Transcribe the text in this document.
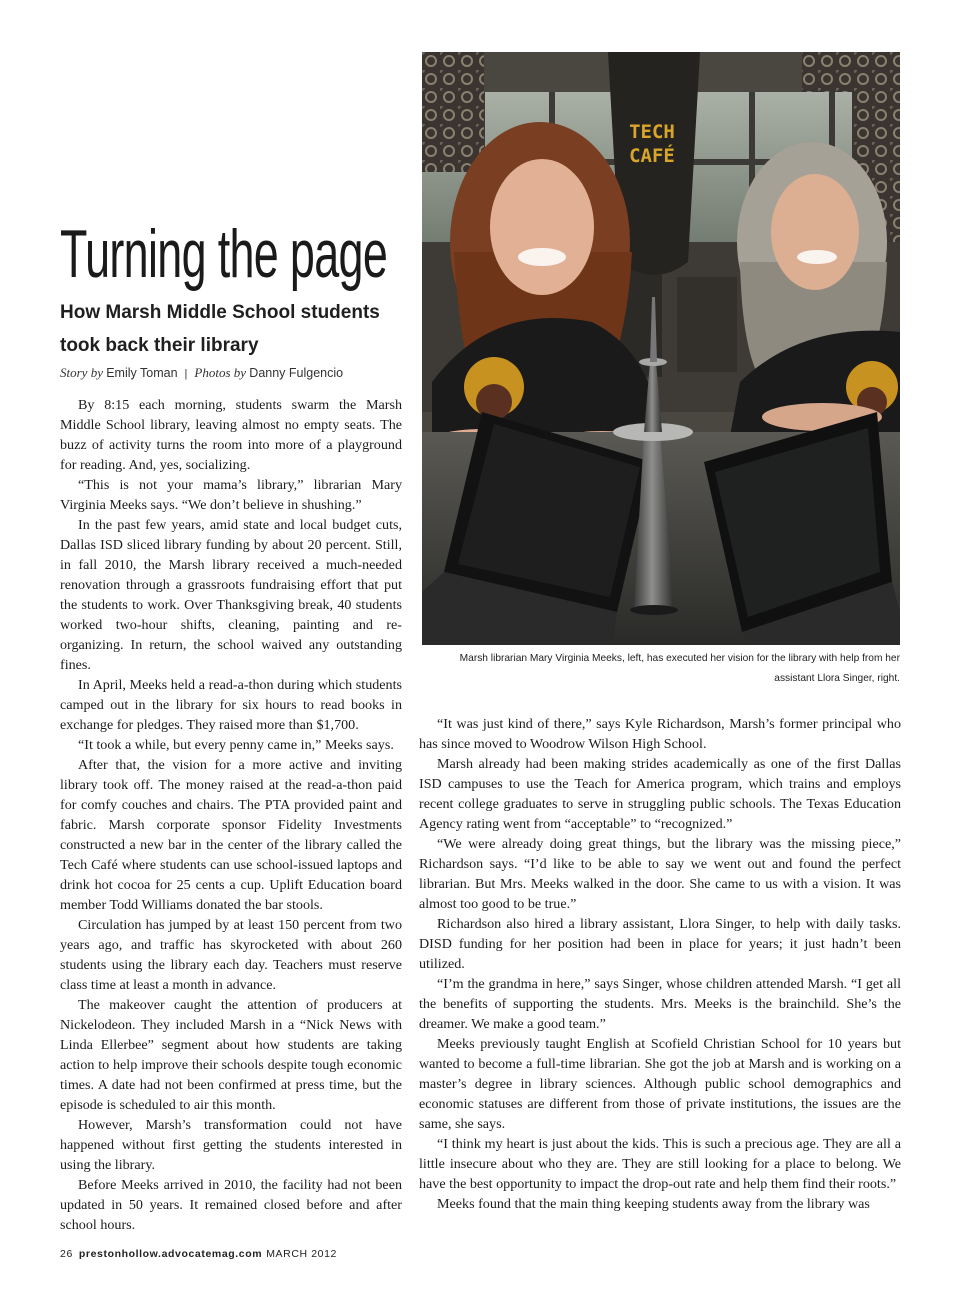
Turning the page
How Marsh Middle School students took back their library

Story by Emily Toman | Photos by Danny Fulgencio

By 8:15 each morning, students swarm the Marsh Middle School library, leaving almost no empty seats. The buzz of activity turns the room into more of a playground for reading. And, yes, socializing.

“This is not your mama’s library,” librarian Mary Virginia Meeks says. “We don’t believe in shushing.”

In the past few years, amid state and local budget cuts, Dallas ISD sliced library funding by about 20 percent. Still, in fall 2010, the Marsh library received a much-needed renovation through a grassroots fundraising effort that put the students to work. Over Thanksgiving break, 40 students worked two-hour shifts, cleaning, painting and re-organizing. In return, the school waived any outstanding fines.

In April, Meeks held a read-a-thon during which students camped out in the library for six hours to read books in exchange for pledges. They raised more than $1,700.

“It took a while, but every penny came in,” Meeks says.

After that, the vision for a more active and inviting library took off. The money raised at the read-a-thon paid for comfy couches and chairs. The PTA provided paint and fabric. Marsh corporate sponsor Fidelity Investments constructed a new bar in the center of the library called the Tech Café where students can use school-issued laptops and drink hot cocoa for 25 cents a cup. Uplift Education board member Todd Williams donated the bar stools.

Circulation has jumped by at least 150 percent from two years ago, and traffic has skyrocketed with about 260 students using the library each day. Teachers must reserve class time at least a month in advance.

The makeover caught the attention of producers at Nickelodeon. They included Marsh in a “Nick News with Linda Ellerbee” segment about how students are taking action to help improve their schools despite tough economic times. A date had not been confirmed at press time, but the episode is scheduled to air this month.

However, Marsh’s transformation could not have happened without first getting the students interested in using the library.

Before Meeks arrived in 2010, the facility had not been updated in 50 years. It remained closed before and after school hours.

TECH
CAFÉ

Marsh librarian Mary Virginia Meeks, left, has executed her vision for the library with help from her assistant Llora Singer, right.

“It was just kind of there,” says Kyle Richardson, Marsh’s former principal who has since moved to Woodrow Wilson High School.

Marsh already had been making strides academically as one of the first Dallas ISD campuses to use the Teach for America program, which trains and employs recent college graduates to serve in struggling public schools. The Texas Education Agency rating went from “acceptable” to “recognized.”

“We were already doing great things, but the library was the missing piece,” Richardson says. “I’d like to be able to say we went out and found the perfect librarian. But Mrs. Meeks walked in the door. She came to us with a vision. It was almost too good to be true.”

Richardson also hired a library assistant, Llora Singer, to help with daily tasks. DISD funding for her position had been in place for years; it just hadn’t been utilized.

“I’m the grandma in here,” says Singer, whose children attended Marsh. “I get all the benefits of supporting the students. Mrs. Meeks is the brainchild. She’s the dreamer. We make a good team.”

Meeks previously taught English at Scofield Christian School for 10 years but wanted to become a full-time librarian. She got the job at Marsh and is working on a master’s degree in library sciences. Although public school demographics and economic statuses are different from those of private institutions, the issues are the same, she says.

“I think my heart is just about the kids. This is such a precious age. They are all a little insecure about who they are. They are still looking for a place to belong. We have the best opportunity to impact the drop-out rate and help them find their roots.”

Meeks found that the main thing keeping students away from the library was

26 prestonhollow.advocatemag.com MARCH 2012
